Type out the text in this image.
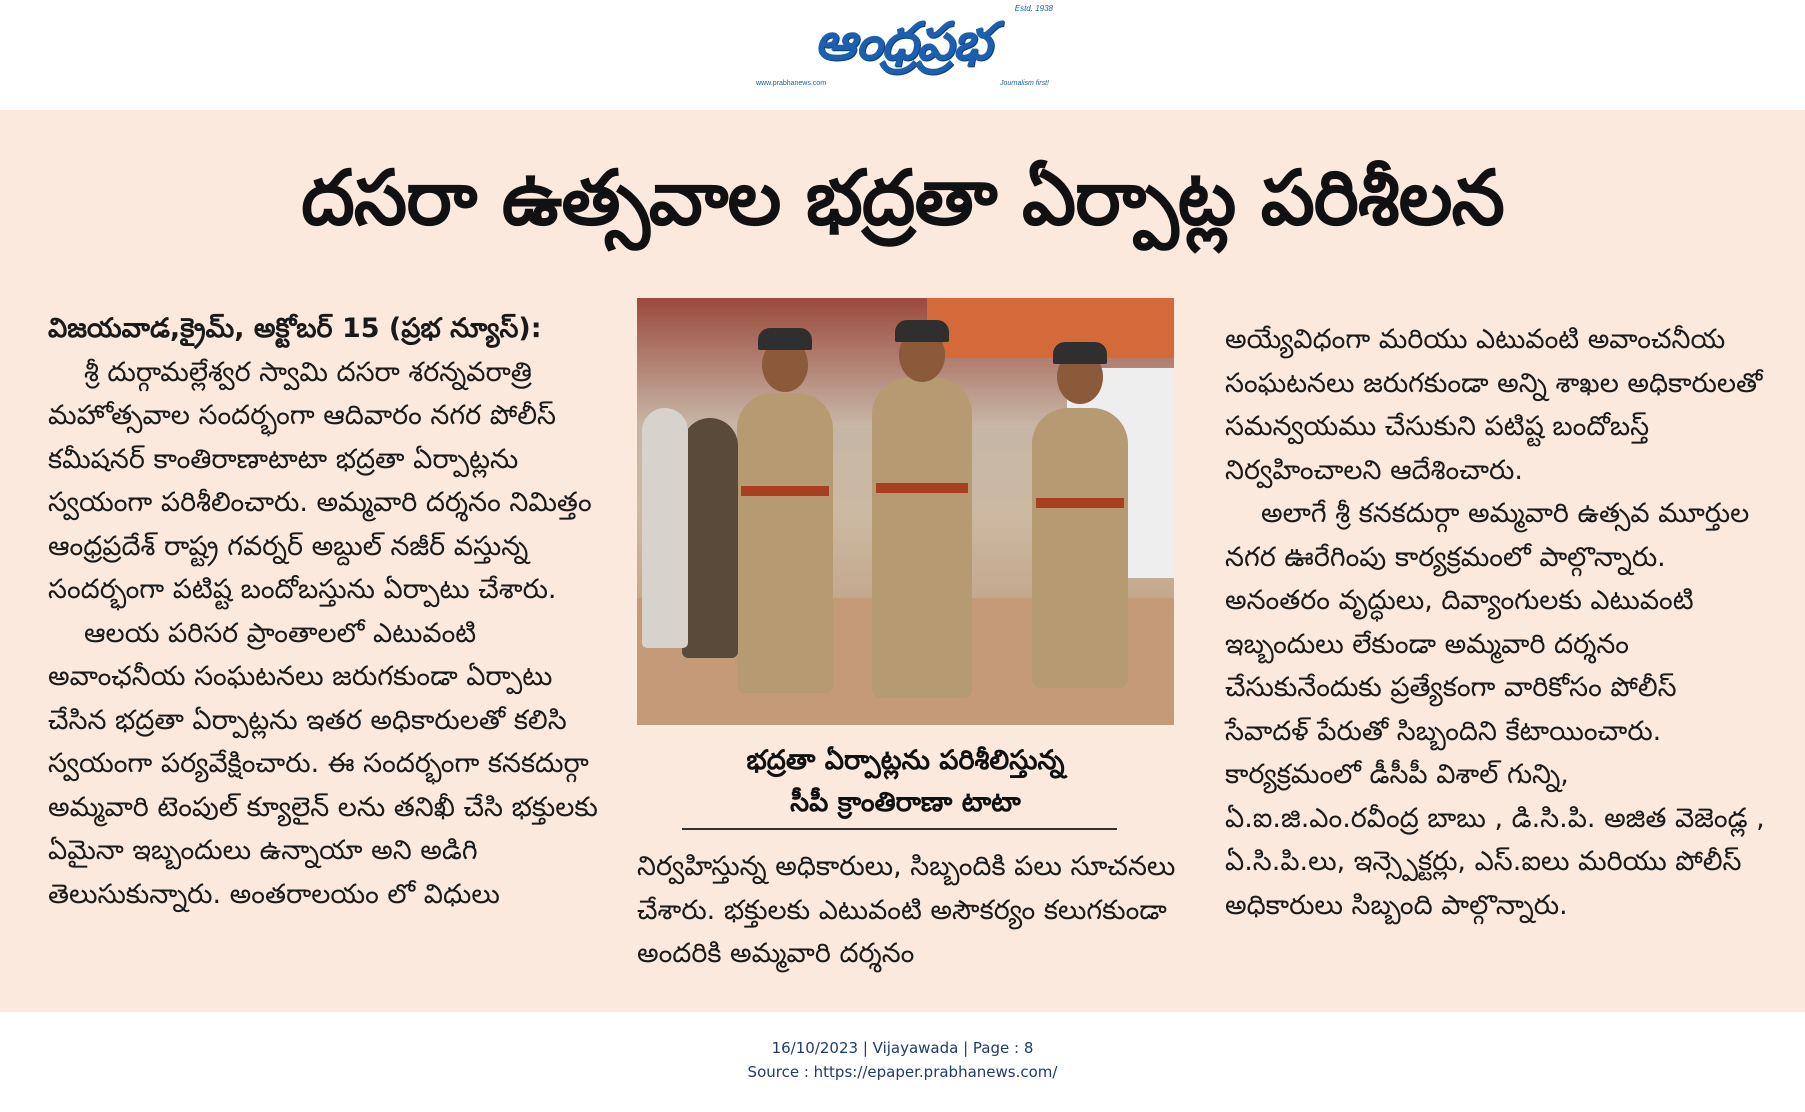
Estd. 1938
ఆంధ్రప్రభ
www.prabhanews.com	Journalism first!
దసరా ఉత్సవాల భద్రతా ఏర్పాట్ల పరిశీలన

విజయవాడ,క్రైమ్, అక్టోబర్ 15 (ప్రభ న్యూస్):

శ్రీ దుర్గామల్లేశ్వర స్వామి దసరా శరన్నవరాత్రి మహోత్సవాల సందర్భంగా ఆదివారం నగర పోలీస్ కమీషనర్ కాంతిరాణాటాటా భద్రతా ఏర్పాట్లను స్వయంగా పరిశీలించారు. అమ్మవారి దర్శనం నిమిత్తం ఆంధ్రప్రదేశ్ రాష్ట్ర గవర్నర్ అబ్దుల్ నజీర్ వస్తున్న సందర్భంగా పటిష్ట బందోబస్తును ఏర్పాటు చేశారు.

ఆలయ పరిసర ప్రాంతాలలో ఎటువంటి అవాంఛనీయ సంఘటనలు జరుగకుండా ఏర్పాటు చేసిన భద్రతా ఏర్పాట్లను ఇతర అధికారులతో కలిసి స్వయంగా పర్యవేక్షించారు. ఈ సందర్భంగా కనకదుర్గా అమ్మవారి టెంపుల్ క్యూలైన్ లను తనిఖీ చేసి భక్తులకు ఏమైనా ఇబ్బందులు ఉన్నాయా అని అడిగి తెలుసుకున్నారు. అంతరాలయం లో విధులు

భద్రతా ఏర్పాట్లను పరిశీలిస్తున్న
సీపీ క్రాంతిరాణా టాటా

నిర్వహిస్తున్న అధికారులు, సిబ్బందికి పలు సూచనలు చేశారు. భక్తులకు ఎటువంటి అసౌకర్యం కలుగకుండా అందరికి అమ్మవారి దర్శనం

అయ్యేవిధంగా మరియు ఎటువంటి అవాంచనీయ సంఘటనలు జరుగకుండా అన్ని శాఖల అధికారులతో సమన్వయము చేసుకుని పటిష్ట బందోబస్త్ నిర్వహించాలని ఆదేశించారు.

అలాగే శ్రీ కనకదుర్గా అమ్మవారి ఉత్సవ మూర్తుల నగర ఊరేగింపు కార్యక్రమంలో పాల్గొన్నారు. అనంతరం వృద్ధులు, దివ్యాంగులకు ఎటువంటి ఇబ్బందులు లేకుండా అమ్మవారి దర్శనం చేసుకునేందుకు ప్రత్యేకంగా వారికోసం పోలీస్ సేవాదళ్ పేరుతో సిబ్బందిని కేటాయించారు. కార్యక్రమంలో డీసీపీ విశాల్ గున్ని, ఏ.ఐ.జి.ఎం.రవీంద్ర బాబు , డి.సి.పి. అజిత వెజెండ్ల , ఏ.సి.పి.లు, ఇన్స్పెక్టర్లు, ఎస్.ఐలు మరియు పోలీస్ అధికారులు సిబ్బంది పాల్గొన్నారు.

16/10/2023 | Vijayawada | Page : 8
Source : https://epaper.prabhanews.com/
